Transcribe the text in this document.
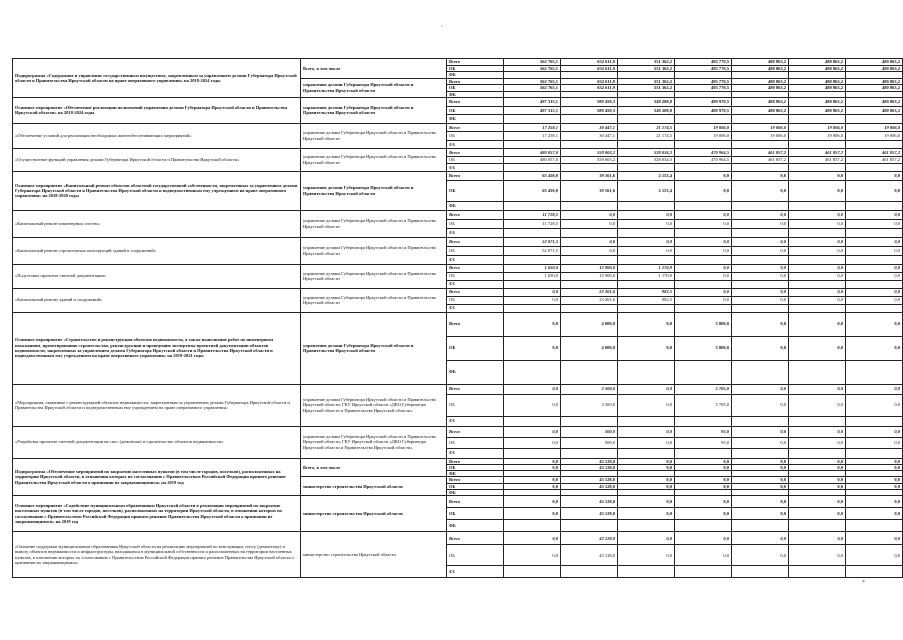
,
Подпрограмма «Содержание и управление государственным имуществом, закрепленным за управлением делами Губернатора Иркутской области и Правительства Иркутской области на праве оперативного управления» на 2018-2024 годы	Всего, в том числе	Всего	562 765,1	632 611,9	551 362,2	495 770,5	480 863,2	480 863,2	480 863,2
		ОБ	562 765,1	632 611,9	551 362,2	495 770,5	480 863,2	480 863,2	480 863,2
		ФБ							
	управление делами Губернатора Иркутской области и Правительства Иркутской области	Всего	562 765,1	632 611,9	551 362,2	495 770,5	480 863,2	480 863,2	480 863,2
		ОБ	562 765,1	632 611,9	551 362,2	495 770,5	480 863,2	480 863,2	480 863,2
		ФБ							
Основное мероприятие «Обеспечение реализации полномочий управления делами Губернатора Иркутской области и Правительства Иркутской области» на 2018-2024 годы	управление делами Губернатора Иркутской области и Правительства Иркутской области	Всего	497 315,1	589 450,3	549 208,8	489 970,5	480 863,2	480 863,2	480 863,2
		ОБ	497 315,1	589 450,3	549 208,8	489 970,5	480 863,2	480 863,2	480 863,2
		ФБ							
«Обеспечение условий для реализации необходимых жизнеобеспечивающих мероприятий»	управление делами Губернатора Иркутской области и Правительства Иркутской области	Всего	17 258,1	30 447,1	21 174,5	19 006,0	19 006,0	19 006,0	19 006,0
		ОБ	17 258,1	30 447,1	21 174,5	19 006,0	19 006,0	19 006,0	19 006,0
		ФБ							
«Осуществление функций управления делами Губернатора Иркутской области и Правительства Иркутской области»	управление делами Губернатора Иркутской области и Правительства Иркутской области	Всего	480 057,0	559 003,2	528 034,3	470 964,5	461 857,2	461 857,2	461 857,2
		ОБ	480 057,0	559 003,2	528 034,3	470 964,5	461 857,2	461 857,2	461 857,2
		ФБ							
Основное мероприятие «Капитальный ремонт объектов областной государственной собственности, закрепленных за управлением делами Губернатора Иркутской области и Правительства Иркутской области и подведомственным ему учреждением на праве оперативного управления» на 2018-2020 годы	управление делами Губернатора Иркутской области и Правительства Иркутской области	Всего	65 450,0	39 161,6	2 153,4	0,0	0,0	0,0	0,0
		ОБ	65 450,0	39 161,6	2 153,4	0,0	0,0	0,0	0,0
		ФБ							
«Капитальный ремонт инженерных систем»	управление делами Губернатора Иркутской области и Правительства Иркутской области	Всего	11 728,5	0,0	0,0	0,0	0,0	0,0	0,0
		ОБ	11 728,5	0,0	0,0	0,0	0,0	0,0	0,0
		ФБ							
«Капитальный ремонт строительных конструкций зданий и сооружений»	управление делами Губернатора Иркутской области и Правительства Иркутской области	Всего	52 071,5	0,0	0,0	0,0	0,0	0,0	0,0
		ОБ	52 071,5	0,0	0,0	0,0	0,0	0,0	0,0
		ФБ							
«Подготовка проектно-сметной документации»	управление делами Губернатора Иркутской области и Правительства Иркутской области	Всего	1 650,0	15 900,0	1 170,9	0,0	0,0	0,0	0,0
		ОБ	1 650,0	15 900,0	1 170,9	0,0	0,0	0,0	0,0
		ФБ							
«Капитальный ремонт зданий и сооружений»	управление делами Губернатора Иркутской области и Правительства Иркутской области	Всего	0,0	23 261,6	982,5	0,0	0,0	0,0	0,0
		ОБ	0,0	23 261,6	982,5	0,0	0,0	0,0	0,0
		ФБ							
Основное мероприятие «Строительство и реконструкция объектов недвижимости, а также выполнение работ по инженерным изысканиям, проектированию строительства, реконструкции и проведению экспертизы проектной документации объектов недвижимости, закрепленных за управлением делами Губернатора Иркутской области и Правительства Иркутской области и подведомственным ему учреждением на праве оперативного управления» на 2019-2021 годы	управление делами Губернатора Иркутской области и Правительства Иркутской области	Всего	0,0	4 000,0	0,0	5 800,0	0,0	0,0	0,0
		ОБ	0,0	4 000,0	0,0	5 800,0	0,0	0,0	0,0
		ФБ							
«Мероприятия, связанные с реконструкцией объектов недвижимости, закрепленным за управлением делами Губернатора Иркутской области и Правительства Иркутской области и подведомственным ему учреждением на праве оперативного управления»	управление делами Губернатора Иркутской области и Правительства Иркутской области, ГКУ Иркутской области «ДКО Губернатора Иркутской области и Правительства Иркутской области»	Всего	0,0	3 500,0	0,0	5 705,0	0,0	0,0	0,0
		ОБ	0,0	3 500,0	0,0	5 705,0	0,0	0,0	0,0
		ФБ							
«Разработка проектно-сметной документации на снос (демонтаж) и строительство объектов недвижимости»	управление делами Губернатора Иркутской области и Правительства Иркутской области, ГКУ Иркутской области «ДКО Губернатора Иркутской области и Правительства Иркутской области»	Всего	0,0	500,0	0,0	95,0	0,0	0,0	0,0
		ОБ	0,0	500,0	0,0	95,0	0,0	0,0	0,0
		ФБ							
Подпрограмма «Обеспечение мероприятий по закрытию населенных пунктов (в том числе городов, поселков), расположенных на территории Иркутской области, в отношении которых по согласованию с Правительством Российской Федерации принято решение Правительства Иркутской области о признании их закрывающимися» на 2019 год	Всего, в том числе	Всего	0,0	43 128,0	0,0	0,0	0,0	0,0	0,0
		ОБ	0,0	43 128,0	0,0	0,0	0,0	0,0	0,0
		ФБ							
	министерство строительства Иркутской области	Всего	0,0	43 128,0	0,0	0,0	0,0	0,0	0,0
		ОБ	0,0	43 128,0	0,0	0,0	0,0	0,0	0,0
		ФБ							
Основное мероприятие «Содействие муниципальным образованиям Иркутской области в реализации мероприятий по закрытию населенных пунктов (в том числе городов, поселков), расположенных на территории Иркутской области, в отношении которых по согласованию с Правительством Российской Федерации принято решение Правительства Иркутской области о признании их закрывающимися» на 2019 год	министерство строительства Иркутской области	Всего	0,0	43 128,0	0,0	0,0	0,0	0,0	0,0
		ОБ	0,0	43 128,0	0,0	0,0	0,0	0,0	0,0
		ФБ							
«Оказание поддержки муниципальным образованиям Иркутской области на реализацию мероприятий по консервации, сносу (демонтажу) и вывозу объектов недвижимости и инфраструктуры, находящихся в муниципальной собственности и расположенных на территории населенных пунктов, в отношении которых по согласованию с Правительством Российской Федерации принято решение Правительства Иркутской области о признании их закрывающимися»	министерство строительства Иркутской области	Всего	0,0	43 128,0	0,0	0,0	0,0	0,0	0,0
		ОБ	0,0	43 128,0	0,0	0,0	0,0	0,0	0,0
		ФБ							
*
